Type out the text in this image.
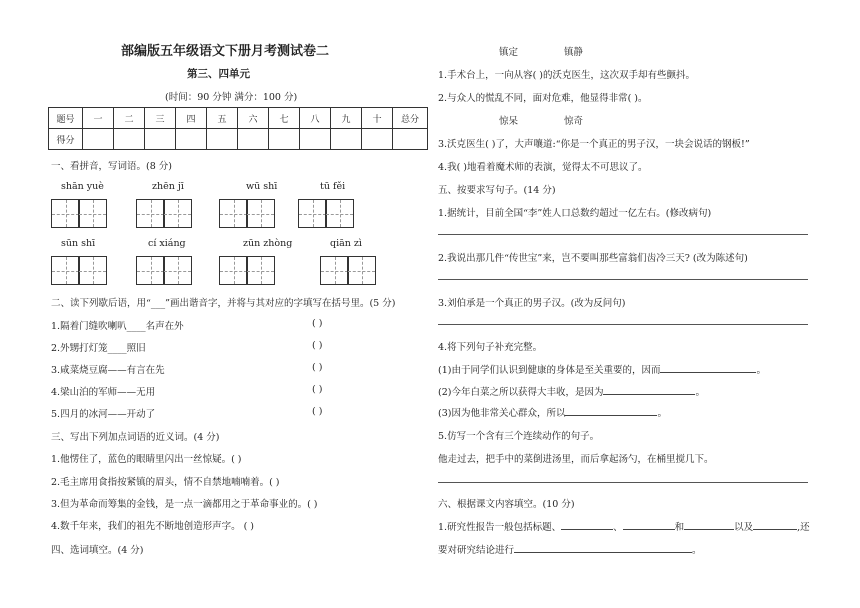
部编版五年级语文下册月考测试卷二
第三、四单元
(时间：90 分钟 满分：100 分)
题号	一	二	三	四	五	六	七	八	九	十	总分
得分											
一、看拼音，写词语。(8 分)
shān yuè	zhēn jī	wū shī	tū fěi
sūn shī	cí xiáng	zūn zhòng	qiān zì
二、读下列歇后语，用“___”画出谐音字，并将与其对应的字填写在括号里。(5 分)
1.隔着门缝吹喇叭____名声在外	( )
2.外甥打灯笼____照旧	( )
3.咸菜烧豆腐——有言在先	( )
4.梁山泊的军师——无用	( )
5.四月的冰河——开动了	( )
三、写出下列加点词语的近义词。(4 分)
1.他愣住了，蓝色的眼睛里闪出一丝惊疑。( )
2.毛主席用食指按紧镇的眉头，情不自禁地喃喃着。( )
3.但为革命而筹集的金钱，是一点一滴都用之于革命事业的。( )
4.数千年来，我们的祖先不断地创造形声字。 ( )
四、选词填空。(4 分)
镇定	镇静
1.手术台上，一向从容( )的沃克医生，这次双手却有些颤抖。
2.与众人的慌乱不同，面对危难，他显得非常( )。
惊呆	惊奇
3.沃克医生( )了，大声嚷道:“你是一个真正的男子汉，一块会说话的钢板!”
4.我( )地看着魔术师的表演，觉得太不可思议了。
五、按要求写句子。(14 分)
1.据统计，目前全国“李”姓人口总数约超过一亿左右。(修改病句)
2.我说出那几件“传世宝”来，岂不要叫那些富翁们齿冷三天? (改为陈述句)
3.刘伯承是一个真正的男子汉。(改为反问句)
4.将下列句子补充完整。
(1)由于同学们认识到健康的身体是至关重要的，因而	。
(2)今年白菜之所以获得大丰收，是因为	。
(3)因为他非常关心群众，所以	。
5.仿写一个含有三个连续动作的句子。
他走过去，把手中的菜倒进汤里，而后拿起汤勺，在桶里搅几下。
六、根据课文内容填空。(10 分)
1.研究性报告一般包括标题、	、	和	以及	,还
要对研究结论进行	。
